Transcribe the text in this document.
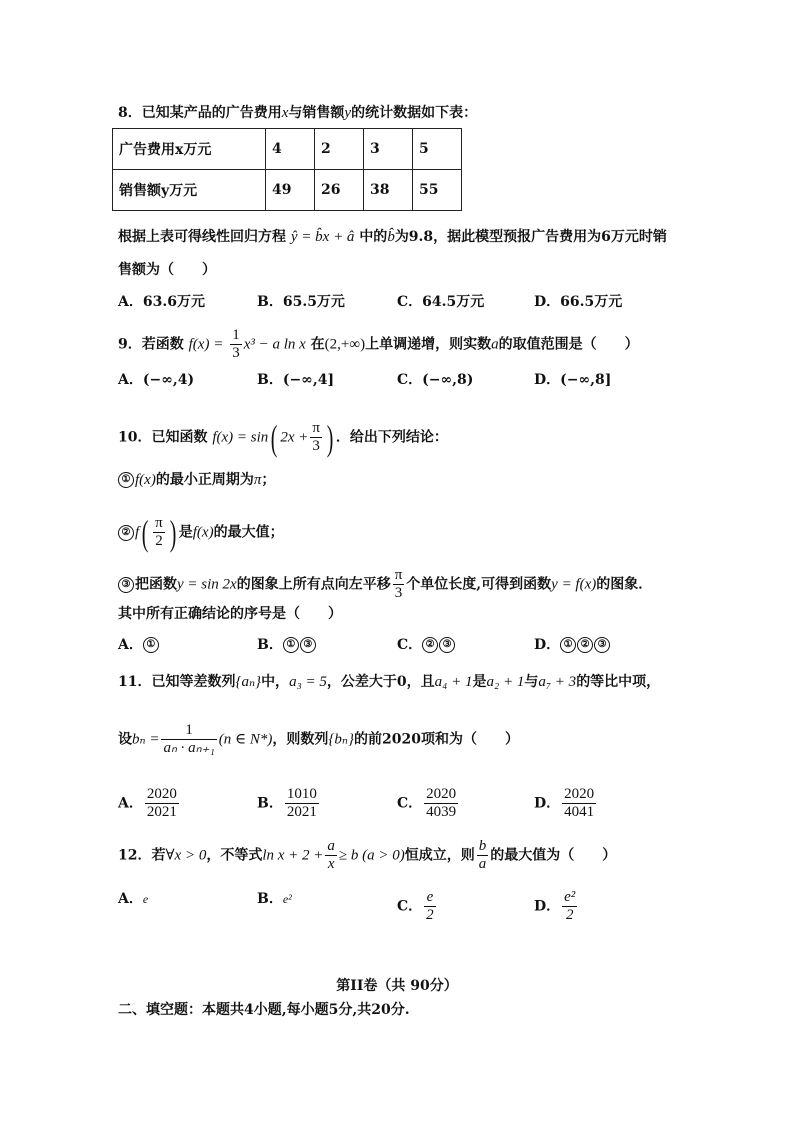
8．已知某产品的广告费用x与销售额y的统计数据如下表：
广告费用x万元	4	2	3	5
销售额y万元	49	26	38	55
根据上表可得线性回归方程 ŷ = b̂x + â 中的b̂为9.8，据此模型预报广告费用为6万元时销
售额为（　　）
A．63.6万元	B．65.5万元	C．64.5万元	D．66.5万元
9．若函数 $f(x) = \frac{1}{3} x^3 - a$ ln x 在(2,+∞)上单调递增，则实数a的取值范围是（　　）
A．(−∞,4)	B．(−∞,4]	C．(−∞,8)	D．(−∞,8]
10．已知函数 f(x) = sin( $2x + \frac{\pi}{3}$ ) ．给出下列结论：
① f(x)的最小正周期为π；
② $f( \frac{\pi}{2}$ ) 是f(x)的最大值；
③ 把函数y = sin 2x的图象上所有点向左平移 $\frac{\pi}{3}$ 个单位长度,可得到函数y = f(x)的图象．
其中所有正确结论的序号是（　　）
A． ①	B． ① ③	C． ② ③	D． ① ② ③
11．已知等差数列{aₙ}中，a₃ = 5，公差大于0，且a₄ + 1是a₂ + 1与a₇ + 3的等比中项，
设$b_n = \frac{1}{\text{aₙ · aₙ₊₁}} (n$ ∈ N*)，则数列{bₙ}的前2020项和为（　　）
A． $\frac{2020}{2021}$	B． $\frac{1010}{2021}$	C． $\frac{2020}{4039}$	D． $\frac{2020}{4041}$
12．若∀x > 0，不等式$\ln x + 2 + \frac{a}{x} \ge b$ (a > 0)恒成立，则 $\frac{b}{a}$ 的最大值为（　　）
A．e	B．e²	C． $\frac{e}{2}$	D． $\frac{\text{e²}}{2}$
第II卷（共 90分）
二、填空题：本题共4小题,每小题5分,共20分.
